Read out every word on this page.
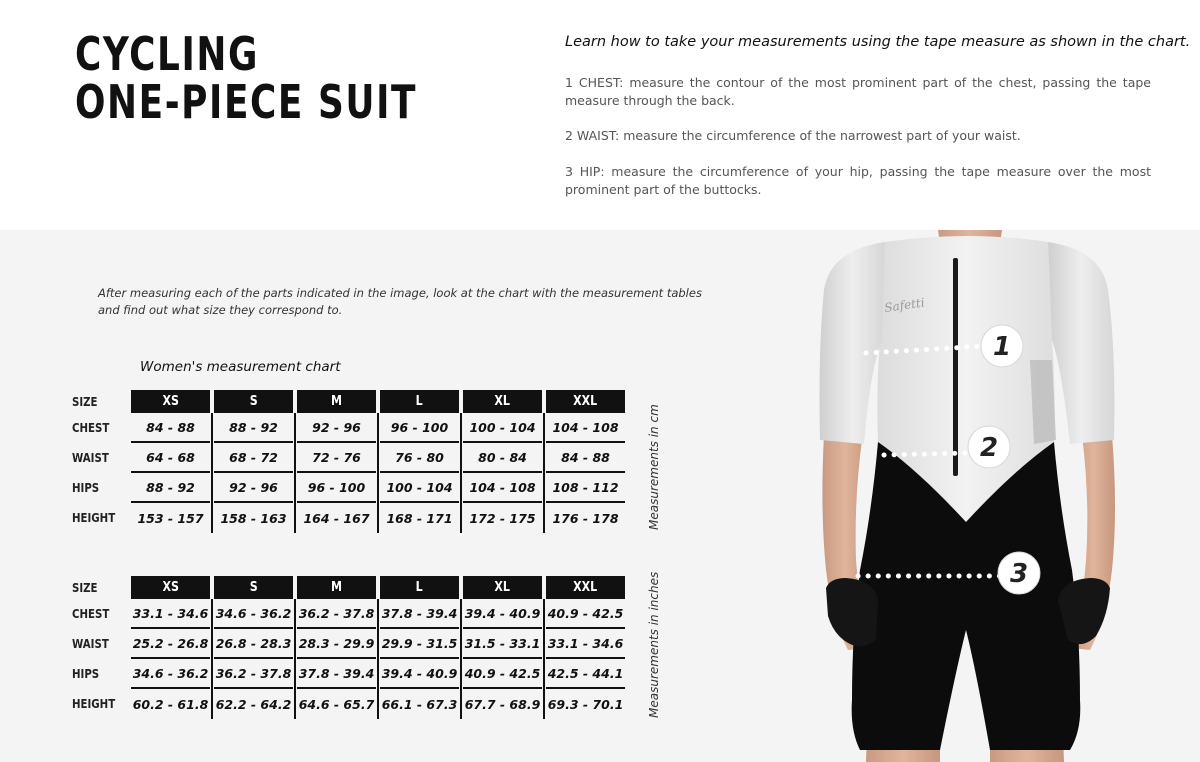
CYCLING
ONE-PIECE SUIT
Learn how to take your measurements using the tape measure as shown in the chart.
1 CHEST: measure the contour of the most prominent part of the chest, passing the tape measure through the back.
2 WAIST: measure the circumference of the narrowest part of your waist.
3 HIP: measure the circumference of your hip, passing the tape measure over the most prominent part of the buttocks.
After measuring each of the parts indicated in the image, look at the chart with the measurement tables and find out what size they correspond to.
Women's measurement chart
SIZE	XS	S	M	L	XL	XXL

CHEST	84 - 88	88 - 92	92 - 96	96 - 100	100 - 104	104 - 108

WAIST	64 - 68	68 - 72	72 - 76	76 - 80	80 - 84	84 - 88

HIPS	88 - 92	92 - 96	96 - 100	100 - 104	104 - 108	108 - 112

HEIGHT	153 - 157	158 - 163	164 - 167	168 - 171	172 - 175	176 - 178	Measurements in cm
SIZE	XS	S	M	L	XL	XXL

CHEST	33.1 - 34.6	34.6 - 36.2	36.2 - 37.8	37.8 - 39.4	39.4 - 40.9	40.9 - 42.5

WAIST	25.2 - 26.8	26.8 - 28.3	28.3 - 29.9	29.9 - 31.5	31.5 - 33.1	33.1 - 34.6

HIPS	34.6 - 36.2	36.2 - 37.8	37.8 - 39.4	39.4 - 40.9	40.9 - 42.5	42.5 - 44.1

HEIGHT	60.2 - 61.8	62.2 - 64.2	64.6 - 65.7	66.1 - 67.3	67.7 - 68.9	69.3 - 70.1 Measurements in inches
Safetti
1
2
3
